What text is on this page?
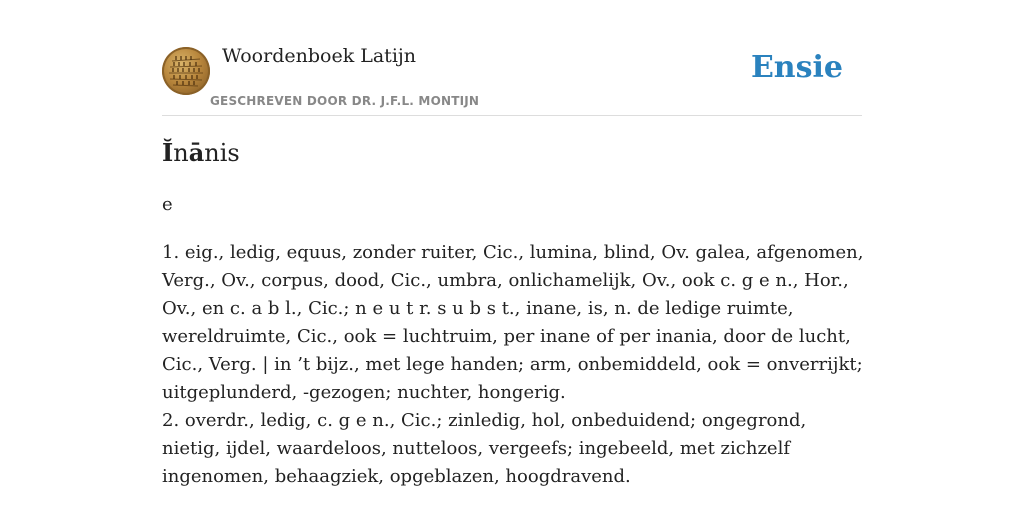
Woordenboek Latijn
GESCHREVEN DOOR DR. J.F.L. MONTIJN
Ensie
Ĭnānis
e

1. eig., ledig, equus, zonder ruiter, Cic., lumina, blind, Ov. galea, afgenomen, Verg., Ov., corpus, dood, Cic., umbra, onlichamelijk, Ov., ook c. g e n., Hor., Ov., en c. a b l., Cic.; n e u t r. s u b s t., inane, is, n. de ledige ruimte, wereldruimte, Cic., ook = luchtruim, per inane of per inania, door de lucht, Cic., Verg. | in ’t bijz., met lege handen; arm, onbemiddeld, ook = onverrijkt; uitgeplunderd, -gezogen; nuchter, hongerig.

2. overdr., ledig, c. g e n., Cic.; zinledig, hol, onbeduidend; ongegrond, nietig, ijdel, waardeloos, nutteloos, vergeefs; ingebeeld, met zichzelf ingenomen, behaagziek, opgeblazen, hoogdravend.
